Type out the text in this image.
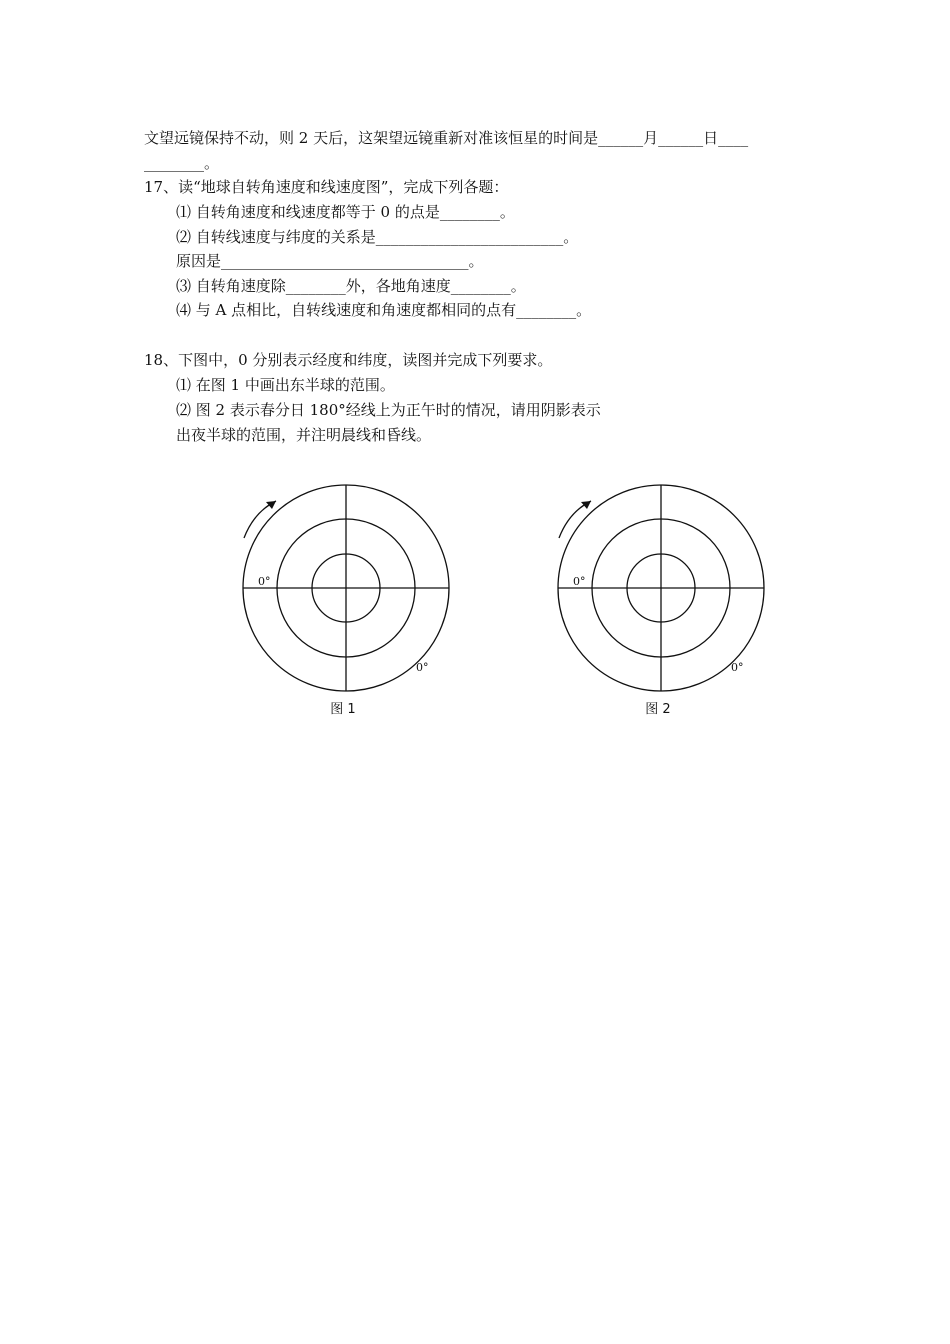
文望远镜保持不动，则 2 天后，这架望远镜重新对准该恒星的时间是______月______日____
________。
17、读“地球自转角速度和线速度图”，完成下列各题：
⑴ 自转角速度和线速度都等于 0 的点是________。
⑵ 自转线速度与纬度的关系是_________________________。
原因是_________________________________。
⑶ 自转角速度除________外，各地角速度________。
⑷ 与 A 点相比，自转线速度和角速度都相同的点有________。
18、下图中，0 分别表示经度和纬度，读图并完成下列要求。
⑴ 在图 1 中画出东半球的范围。
⑵ 图 2 表示春分日 180°经线上为正午时的情况，请用阴影表示
出夜半球的范围，并注明晨线和昏线。
0°
0°
图 1
0°
0°
图 2
